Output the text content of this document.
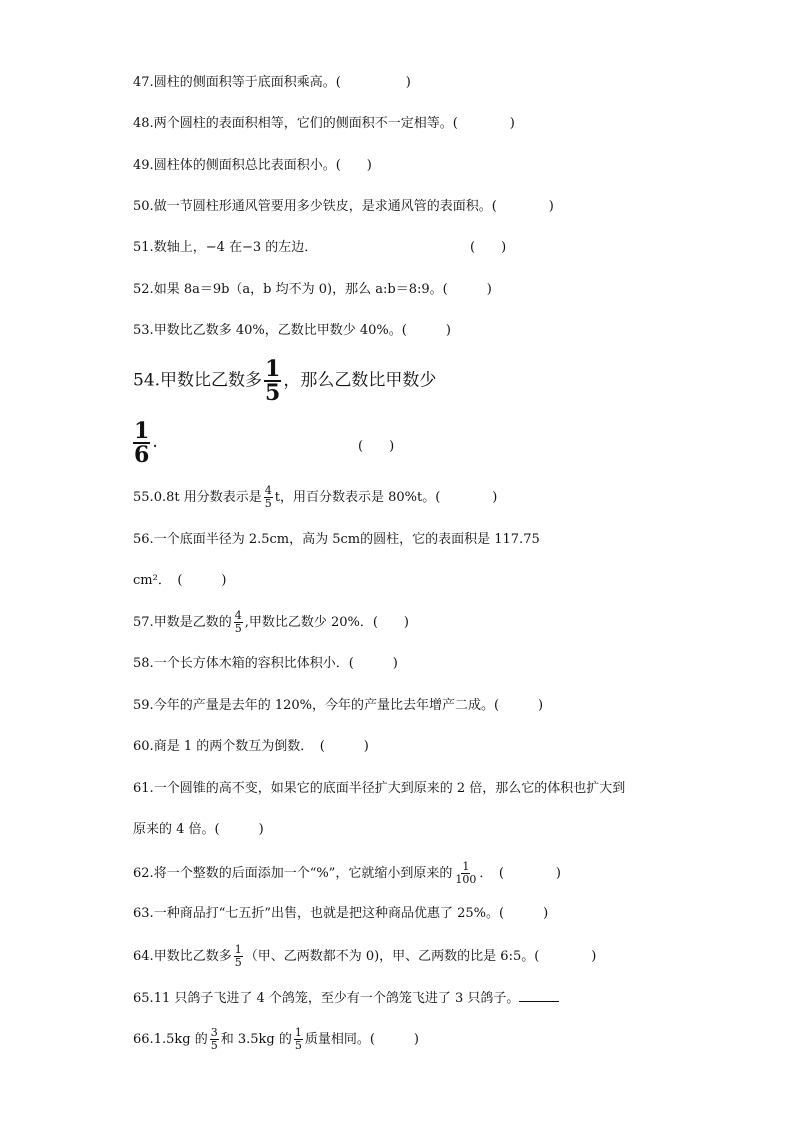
47.圆柱的侧面积等于底面积乘高。(　　　　　)
48.两个圆柱的表面积相等，它们的侧面积不一定相等。(　　　　)
49.圆柱体的侧面积总比表面积小。(　　)
50.做一节圆柱形通风管要用多少铁皮，是求通风管的表面积。(　　　　)
51.数轴上，−4 在−3 的左边．	(　　)
52.如果 8a＝9b（a，b 均不为 0)，那么 a:b＝8:9。(　　　)
53.甲数比乙数多 40%，乙数比甲数少 40%。(　　　)
54.甲数比乙数多 $\frac{1}{5}$ ，那么乙数比甲数少
$\frac{1}{6}$ .	(　　)
55.0.8t 用分数表示是 $\frac{4}{5}$ t，用百分数表示是 80%t。(　　　　)
56.一个底面半径为 2.5cm，高为 5cm的圆柱，它的表面积是 117.75
cm²．　(　　　)
57.甲数是乙数的 $\frac{4}{5}$ ,甲数比乙数少 20%．(　　)
58.一个长方体木箱的容积比体积小．(　　　)
59.今年的产量是去年的 120%，今年的产量比去年增产二成。(　　　)
60.商是 1 的两个数互为倒数．　(　　　)
61.一个圆锥的高不变，如果它的底面半径扩大到原来的 2 倍，那么它的体积也扩大到
原来的 4 倍。(　　　)
62.将一个整数的后面添加一个“%”，它就缩小到原来的 $\frac{1}{100}$ ．　(　　　　)
63.一种商品打“七五折”出售，也就是把这种商品优惠了 25%。(　　　)
64.甲数比乙数多 $\frac{1}{5}$ （甲、乙两数都不为 0)，甲、乙两数的比是 6:5。(　　　　)
65.11 只鸽子飞进了 4 个鸽笼，至少有一个鸽笼飞进了 3 只鸽子。
66.1.5kg 的 $\frac{3}{5}$ 和 3.5kg 的 $\frac{1}{5}$ 质量相同。(　　　)
